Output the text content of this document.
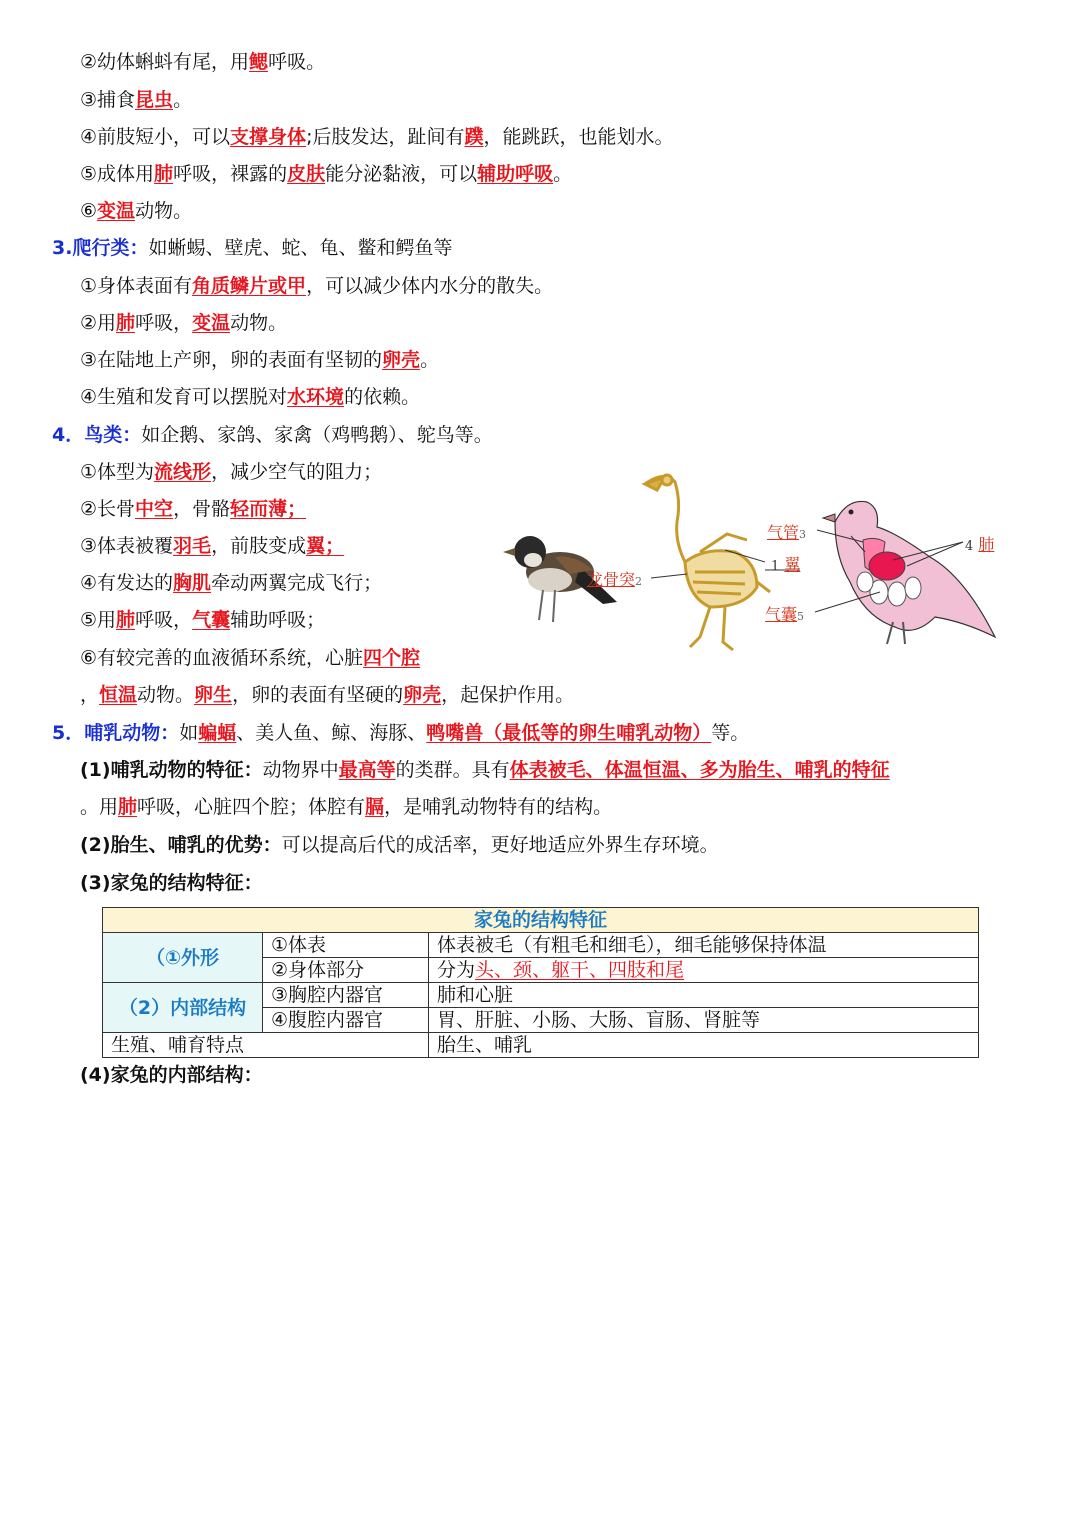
②幼体蝌蚪有尾，用鳃呼吸。
③捕食昆虫。
④前肢短小，可以支撑身体;后肢发达，趾间有蹼，能跳跃，也能划水。
⑤成体用肺呼吸，裸露的皮肤能分泌黏液，可以辅助呼吸。
⑥变温动物。
3.爬行类：如蜥蜴、壁虎、蛇、龟、鳖和鳄鱼等
①身体表面有角质鳞片或甲，可以减少体内水分的散失。
②用肺呼吸，变温动物。
③在陆地上产卵，卵的表面有坚韧的卵壳。
④生殖和发育可以摆脱对水环境的依赖。
4．鸟类：如企鹅、家鸽、家禽（鸡鸭鹅）、鸵鸟等。
①体型为流线形，减少空气的阻力；
②长骨中空，骨骼轻而薄；
③体表被覆羽毛，前肢变成翼；
④有发达的胸肌牵动两翼完成飞行；
⑤用肺呼吸，气囊辅助呼吸；
⑥有较完善的血液循环系统，心脏四个腔
，恒温动物。卵生，卵的表面有坚硬的卵壳，起保护作用。
龙骨突2
气管3
1 翼
气囊5
4 肺
5．哺乳动物：如蝙蝠、美人鱼、鲸、海豚、鸭嘴兽（最低等的卵生哺乳动物）等。
(1)哺乳动物的特征：动物界中最高等的类群。具有体表被毛、体温恒温、多为胎生、哺乳的特征
。用肺呼吸，心脏四个腔；体腔有膈，是哺乳动物特有的结构。
(2)胎生、哺乳的优势：可以提高后代的成活率，更好地适应外界生存环境。
(3)家兔的结构特征：
家兔的结构特征		
（①外形	①体表	体表被毛（有粗毛和细毛），细毛能够保持体温
	②身体部分	分为头、颈、躯干、四肢和尾
（2）内部结构	③胸腔内器官	肺和心脏
	④腹腔内器官	胃、肝脏、小肠、大肠、盲肠、肾脏等
生殖、哺育特点		胎生、哺乳
(4)家兔的内部结构：
